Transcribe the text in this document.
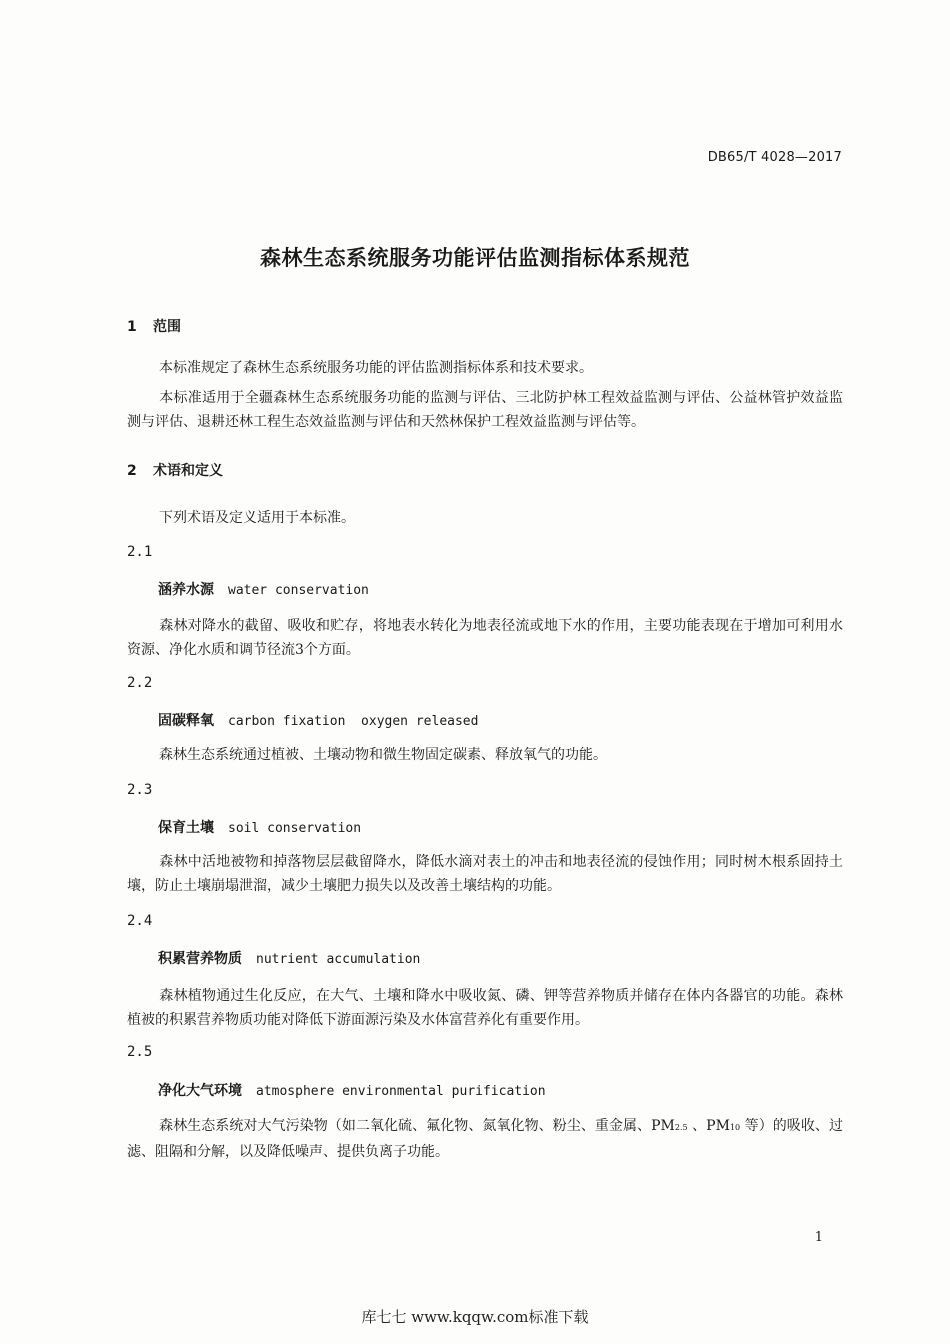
DB65/T 4028—2017
森林生态系统服务功能评估监测指标体系规范
1 范围
本标准规定了森林生态系统服务功能的评估监测指标体系和技术要求。
本标准适用于全疆森林生态系统服务功能的监测与评估、三北防护林工程效益监测与评估、公益林管护效益监测与评估、退耕还林工程生态效益监测与评估和天然林保护工程效益监测与评估等。
2 术语和定义
下列术语及定义适用于本标准。
2.1
涵养水源 water conservation
森林对降水的截留、吸收和贮存，将地表水转化为地表径流或地下水的作用，主要功能表现在于增加可利用水资源、净化水质和调节径流3个方面。
2.2
固碳释氧 carbon fixation  oxygen released
森林生态系统通过植被、土壤动物和微生物固定碳素、释放氧气的功能。
2.3
保育土壤 soil conservation
森林中活地被物和掉落物层层截留降水，降低水滴对表土的冲击和地表径流的侵蚀作用；同时树木根系固持土壤，防止土壤崩塌泄溜，减少土壤肥力损失以及改善土壤结构的功能。
2.4
积累营养物质 nutrient accumulation
森林植物通过生化反应，在大气、土壤和降水中吸收氮、磷、钾等营养物质并储存在体内各器官的功能。森林植被的积累营养物质功能对降低下游面源污染及水体富营养化有重要作用。
2.5
净化大气环境 atmosphere environmental purification
森林生态系统对大气污染物（如二氧化硫、氟化物、氮氧化物、粉尘、重金属、PM2.5 、PM10 等）的吸收、过滤、阻隔和分解，以及降低噪声、提供负离子功能。
1
库七七 www.kqqw.com标准下载
